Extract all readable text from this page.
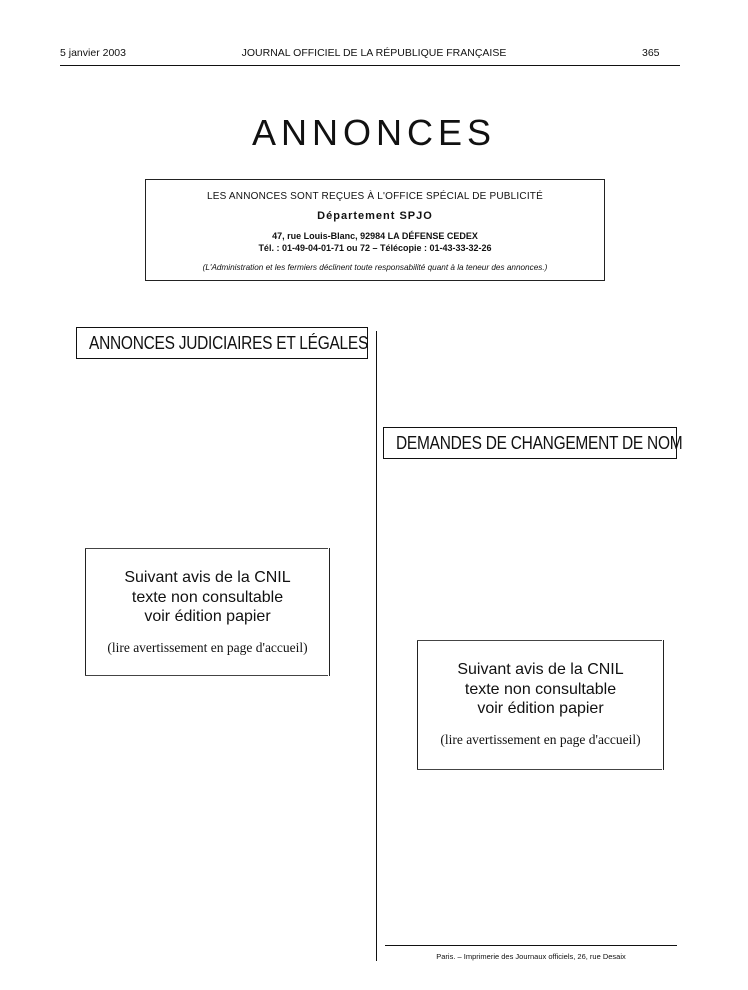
5 janvier 2003	JOURNAL OFFICIEL DE LA RÉPUBLIQUE FRANÇAISE	365
ANNONCES
LES ANNONCES SONT REÇUES À L'OFFICE SPÉCIAL DE PUBLICITÉ
Département SPJO
47, rue Louis-Blanc, 92984 LA DÉFENSE CEDEX
Tél. : 01-49-04-01-71 ou 72 – Télécopie : 01-43-33-32-26
(L'Administration et les fermiers déclinent toute responsabilité quant à la teneur des annonces.)
ANNONCES JUDICIAIRES ET LÉGALES
DEMANDES DE CHANGEMENT DE NOM
Suivant avis de la CNIL
texte non consultable
voir édition papier
(lire avertissement en page d'accueil)
Suivant avis de la CNIL
texte non consultable
voir édition papier
(lire avertissement en page d'accueil)
Paris. – Imprimerie des Journaux officiels, 26, rue Desaix
